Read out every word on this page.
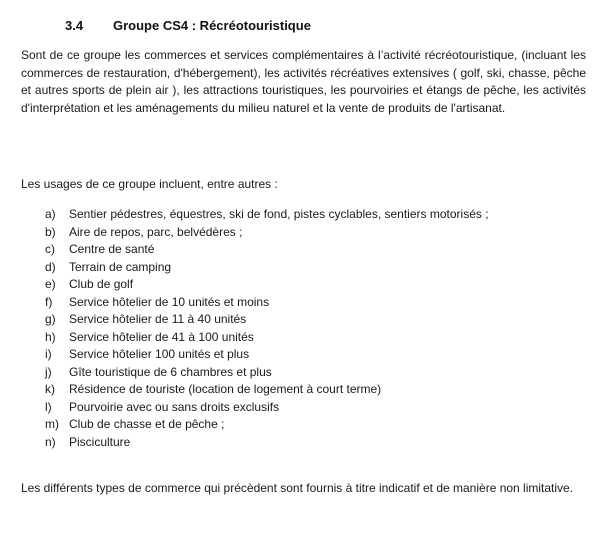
3.4 Groupe CS4 : Récréotouristique

Sont de ce groupe les commerces et services complémentaires à l’activité récréotouristique, (incluant les commerces de restauration, d'hébergement), les activités récréatives extensives ( golf, ski, chasse, pêche et autres sports de plein air ), les attractions touristiques, les pourvoiries et étangs de pêche, les activités d'interprétation et les aménagements du milieu naturel et la vente de produits de l'artisanat.

Les usages de ce groupe incluent, entre autres :

a) Sentier pédestres, équestres, ski de fond, pistes cyclables, sentiers motorisés ;
b) Aire de repos, parc, belvédères ;
c) Centre de santé
d) Terrain de camping
e) Club de golf
f) Service hôtelier de 10 unités et moins
g) Service hôtelier de 11 à 40 unités
h) Service hôtelier de 41 à 100 unités
i) Service hôtelier 100 unités et plus
j) Gîte touristique de 6 chambres et plus
k) Résidence de touriste (location de logement à court terme)
l) Pourvoirie avec ou sans droits exclusifs
m) Club de chasse et de pêche ;
n) Pisciculture

Les différents types de commerce qui précèdent sont fournis à titre indicatif et de manière non limitative.
